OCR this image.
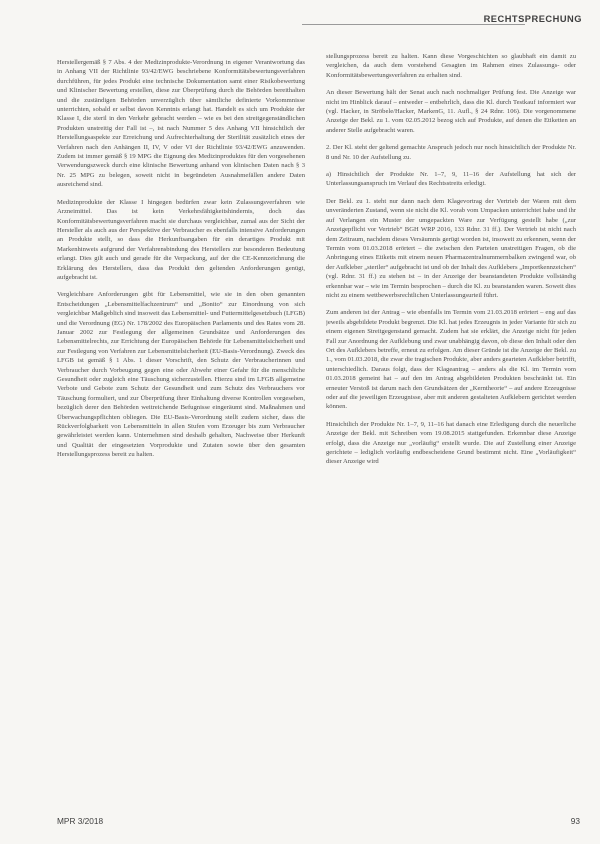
RECHTSPRECHUNG

Herstellergemäß § 7 Abs. 4 der Medizinprodukte-Verordnung in eigener Verantwortung das in Anhang VII der Richtlinie 93/42/EWG beschriebene Konformitätsbewertungsverfahren durchführen, für jedes Produkt eine technische Dokumentation samt einer Risikobewertung und Klinischer Bewertung erstellen, diese zur Überprüfung durch die Behörden bereithalten und die zuständigen Behörden unverzüglich über sämtliche definierte Vorkommnisse unterrichten, sobald er selbst davon Kenntnis erlangt hat. Handelt es sich um Produkte der Klasse I, die steril in den Verkehr gebracht werden – wie es bei den streitgegenständlichen Produkten unstreitig der Fall ist –, ist nach Nummer 5 des Anhang VII hinsichtlich der Herstellungsaspekte zur Erreichung und Aufrechterhaltung der Sterilität zusätzlich eines der Verfahren nach den Anhängen II, IV, V oder VI der Richtlinie 93/42/EWG anzuwenden. Zudem ist immer gemäß § 19 MPG die Eignung des Medizinproduktes für den vorgesehenen Verwendungszweck durch eine klinische Bewertung anhand von klinischen Daten nach § 3 Nr. 25 MPG zu belegen, soweit nicht in begründeten Ausnahmefällen andere Daten ausreichend sind.

Medizinprodukte der Klasse I hingegen bedürfen zwar kein Zulassungsverfahren wie Arzneimittel. Das ist kein Verkehrsfähigkeitshindernis, doch das Konformitätsbewertungsverfahren macht sie durchaus vergleichbar, zumal aus der Sicht der Hersteller als auch aus der Perspektive der Verbraucher es ebenfalls intensive Anforderungen an Produkte stellt, so dass die Herkunftsangaben für ein derartiges Produkt mit Markenhinweis aufgrund der Verfahrensbindung des Herstellers zur besonderen Bedeutung erlangt. Dies gilt auch und gerade für die Verpackung, auf der die CE-Kennzeichnung die Erklärung des Herstellers, dass das Produkt den geltenden Anforderungen genügt, aufgebracht ist.

Vergleichbare Anforderungen gibt für Lebensmittel, wie sie in den oben genannten Entscheidungen „Lebensmittelfachzentrum“ und „Bonito“ zur Einordnung von sich vergleichbar Maßgeblich sind insoweit das Lebensmittel- und Futtermittelgesetzbuch (LFGB) und die Verordnung (EG) Nr. 178/2002 des Europäischen Parlaments und des Rates vom 28. Januar 2002 zur Festlegung der allgemeinen Grundsätze und Anforderungen des Lebensmittelrechts, zur Errichtung der Europäischen Behörde für Lebensmittelsicherheit und zur Festlegung von Verfahren zur Lebensmittelsicherheit (EU-Basis-Verordnung). Zweck des LFGB ist gemäß § 1 Abs. 1 dieser Vorschrift, den Schutz der Verbraucherinnen und Verbraucher durch Vorbeugung gegen eine oder Abwehr einer Gefahr für die menschliche Gesundheit oder zugleich eine Täuschung sicherzustellen. Hierzu sind im LFGB allgemeine Verbote und Gebote zum Schutz der Gesundheit und zum Schutz des Verbrauchers vor Täuschung formuliert, und zur Überprüfung ihrer Einhaltung diverse Kontrollen vorgesehen, bezüglich derer den Behörden weitreichende Befugnisse eingeräumt sind. Maßnahmen und Überwachungspflichten obliegen. Die EU-Basis-Verordnung stellt zudem sicher, dass die Rückverfolgbarkeit von Lebensmitteln in allen Stufen vom Erzeuger bis zum Verbraucher gewährleistet werden kann. Unternehmen sind deshalb gehalten, Nachweise über Herkunft und Qualität der eingesetzten Vorprodukte und Zutaten sowie über den gesamten Herstellungsprozess bereit zu halten.

stellungsprozess bereit zu halten. Kann diese Vorgeschichten so glaubhaft ein damit zu vergleichen, da auch dem vorstehend Gesagten im Rahmen eines Zulassungs- oder Konformitätsbewertungsverfahren zu erhalten sind.

An dieser Bewertung hält der Senat auch nach nochmaliger Prüfung fest. Die Anzeige war nicht im Hinblick darauf – entweder – entbehrlich, dass die Kl. durch Testkauf informiert war (vgl. Hacker, in Ströbele/Hacker, MarkenG, 11. Aufl., § 24 Rdnr. 106). Die vorgenommene Anzeige der Bekl. zu 1. vom 02.05.2012 bezog sich auf Produkte, auf denen die Etiketten an anderer Stelle aufgebracht waren.

2. Der Kl. steht der geltend gemachte Anspruch jedoch nur noch hinsichtlich der Produkte Nr. 8 und Nr. 10 der Aufstellung zu.

a) Hinsichtlich der Produkte Nr. 1–7, 9, 11–16 der Aufstellung hat sich der Unterlassungsanspruch im Verlauf des Rechtsstreits erledigt.

Der Bekl. zu 1. steht nur dann nach dem Klagevortrag der Vertrieb der Waren mit dem unveränderten Zustand, wenn sie nicht die Kl. vorab vom Umpacken unterrichtet habe und ihr auf Verlangen ein Muster der umgepackten Ware zur Verfügung gestellt habe („zur Anzeigepflicht vor Vertrieb“ BGH WRP 2016, 133 Rdnr. 31 ff.). Der Vertrieb ist nicht nach dem Zeitraum, nachdem dieses Versäumnis gerügt worden ist, insoweit zu erkennen, wenn der Termin vom 01.03.2018 erörtert – die zwischen den Parteien unstreitigen Fragen, ob die Anbringung eines Etiketts mit einem neuen Pharmazentralnummernbalken zwingend war, ob der Aufkleber „steriler“ aufgebracht ist und ob der Inhalt des Aufklebers „Importkennzeichen“ (vgl. Rdnr. 31 ff.) zu stehen ist – in der Anzeige der beanstandeten Produkte vollständig erkennbar war – wie im Termin besprochen – durch die Kl. zu beanstanden waren. Soweit dies nicht zu einem wettbewerbsrechtlichen Unterlassungsurteil führt.

Zum anderen ist der Antrag – wie ebenfalls im Termin vom 21.03.2018 erörtert – eng auf das jeweils abgebildete Produkt begrenzt. Die Kl. hat jedes Erzeugnis in jeder Variante für sich zu einem eigenen Streitgegenstand gemacht. Zudem hat sie erklärt, die Anzeige nicht für jeden Fall zur Anordnung der Aufklebung und zwar unabhängig davon, ob diese den Inhalt oder den Ort des Aufklebers betreffe, erneut zu erfolgen. Am dieser Gründe ist die Anzeige der Bekl. zu 1., vom 01.03.2018, die zwar die tragischen Produkte, aber anders gearteten Aufkleber betrifft, unterschiedlich. Daraus folgt, dass der Klageantrag – anders als die Kl. im Termin vom 01.03.2018 gemeint hat – auf den im Antrag abgebildeten Produkten beschränkt ist. Ein erneuter Verstoß ist darum nach den Grundsätzen der „Kerntheorie“ – auf andere Erzeugnisse oder auf die jeweiligen Erzeugnisse, aber mit anderen gestalteten Aufklebern gerichtet werden können.

Hinsichtlich der Produkte Nr. 1–7, 9, 11–16 hat danach eine Erledigung durch die neuerliche Anzeige der Bekl. mit Schreiben vom 19.08.2015 stattgefunden. Erkennbar diese Anzeige erfolgt, dass die Anzeige nur „vorläufig“ erstellt wurde. Die auf Zustellung einer Anzeige gerichtete – lediglich vorläufig endbescheidene Grund bestimmt nicht. Eine „Vorläufigkeit“ dieser Anzeige wird

MPR 3/2018	93
